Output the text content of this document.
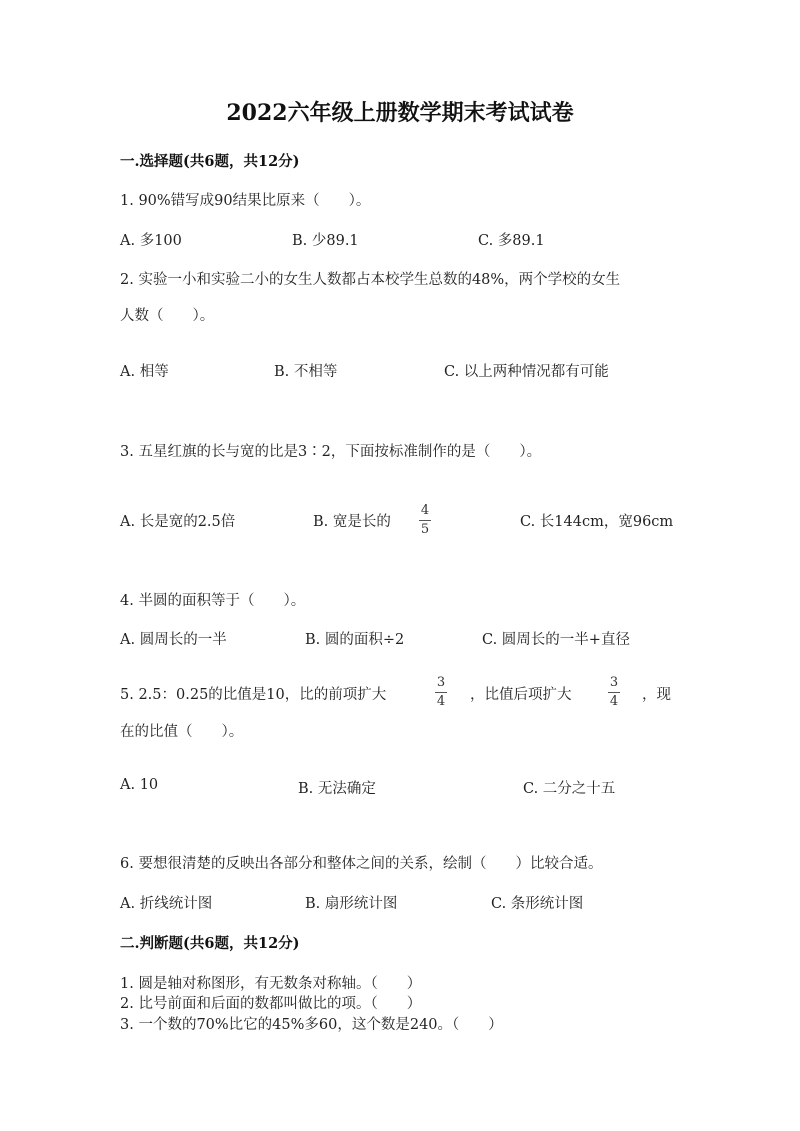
2022六年级上册数学期末考试试卷
一.选择题(共6题，共12分)
1. 90%错写成90结果比原来（　　）。
A. 多100	B. 少89.1	C. 多89.1
2. 实验一小和实验二小的女生人数都占本校学生总数的48%，两个学校的女生
人数（　　）。
A. 相等	B. 不相等	C. 以上两种情况都有可能
3. 五星红旗的长与宽的比是3∶2，下面按标准制作的是（　　）。
A. 长是宽的2.5倍	B. 宽是长的
4
5	C. 长144cm，宽96cm
4. 半圆的面积等于（　　）。
A. 圆周长的一半	B. 圆的面积÷2	C. 圆周长的一半+直径
5. 2.5：0.25的比值是10，比的前项扩大
3
4 ，比值后项扩大
3
4 ，现
在的比值（　　）。
A. 10	B. 无法确定	C. 二分之十五
6. 要想很清楚的反映出各部分和整体之间的关系，绘制（　　）比较合适。
A. 折线统计图	B. 扇形统计图	C. 条形统计图
二.判断题(共6题，共12分)
1. 圆是轴对称图形，有无数条对称轴。（　　）
2. 比号前面和后面的数都叫做比的项。（　　）
3. 一个数的70%比它的45%多60，这个数是240。（　　）
